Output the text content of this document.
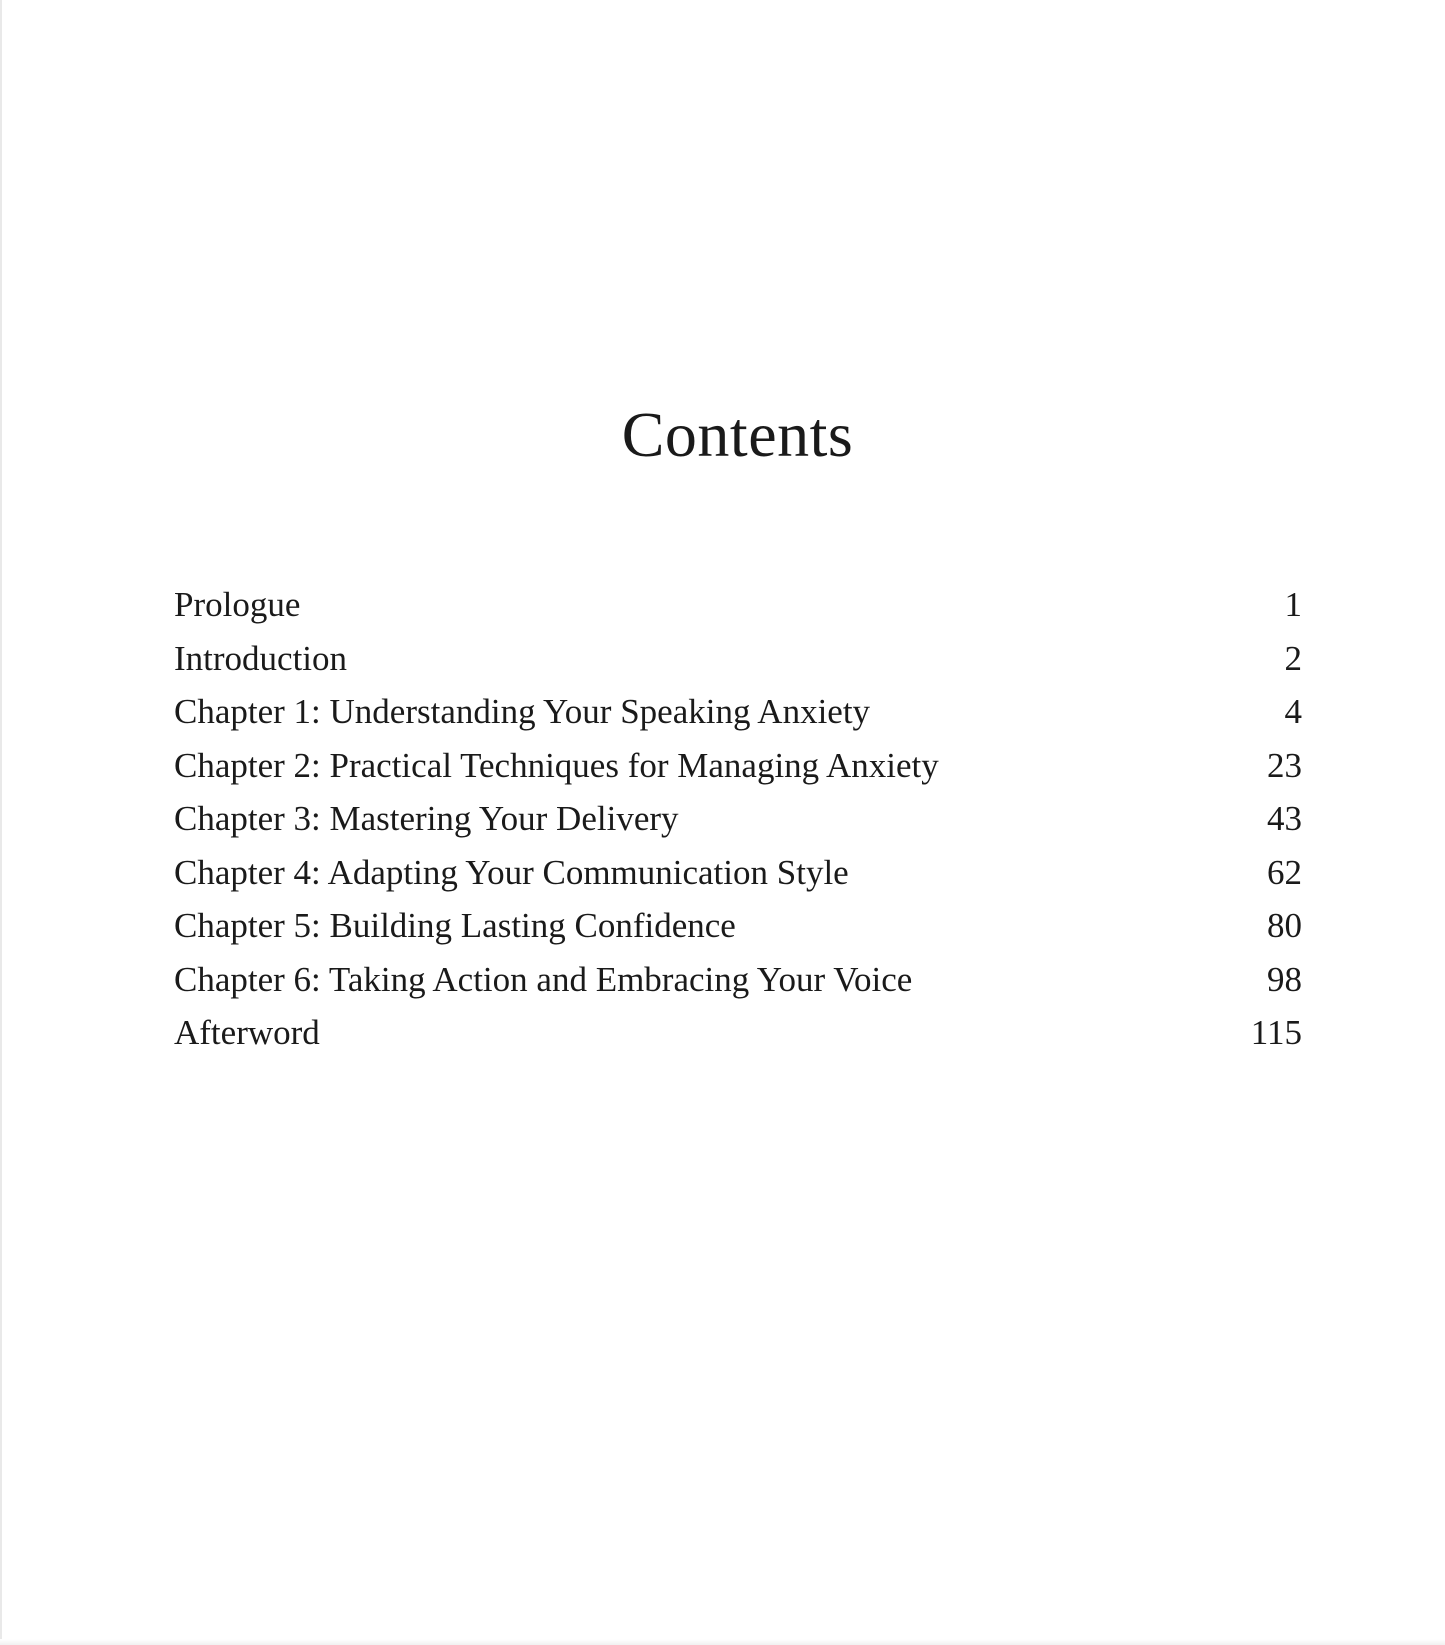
Contents
Prologue	1
Introduction	2
Chapter 1: Understanding Your Speaking Anxiety	4
Chapter 2: Practical Techniques for Managing Anxiety	23
Chapter 3: Mastering Your Delivery	43
Chapter 4: Adapting Your Communication Style	62
Chapter 5: Building Lasting Confidence	80
Chapter 6: Taking Action and Embracing Your Voice	98
Afterword	115
